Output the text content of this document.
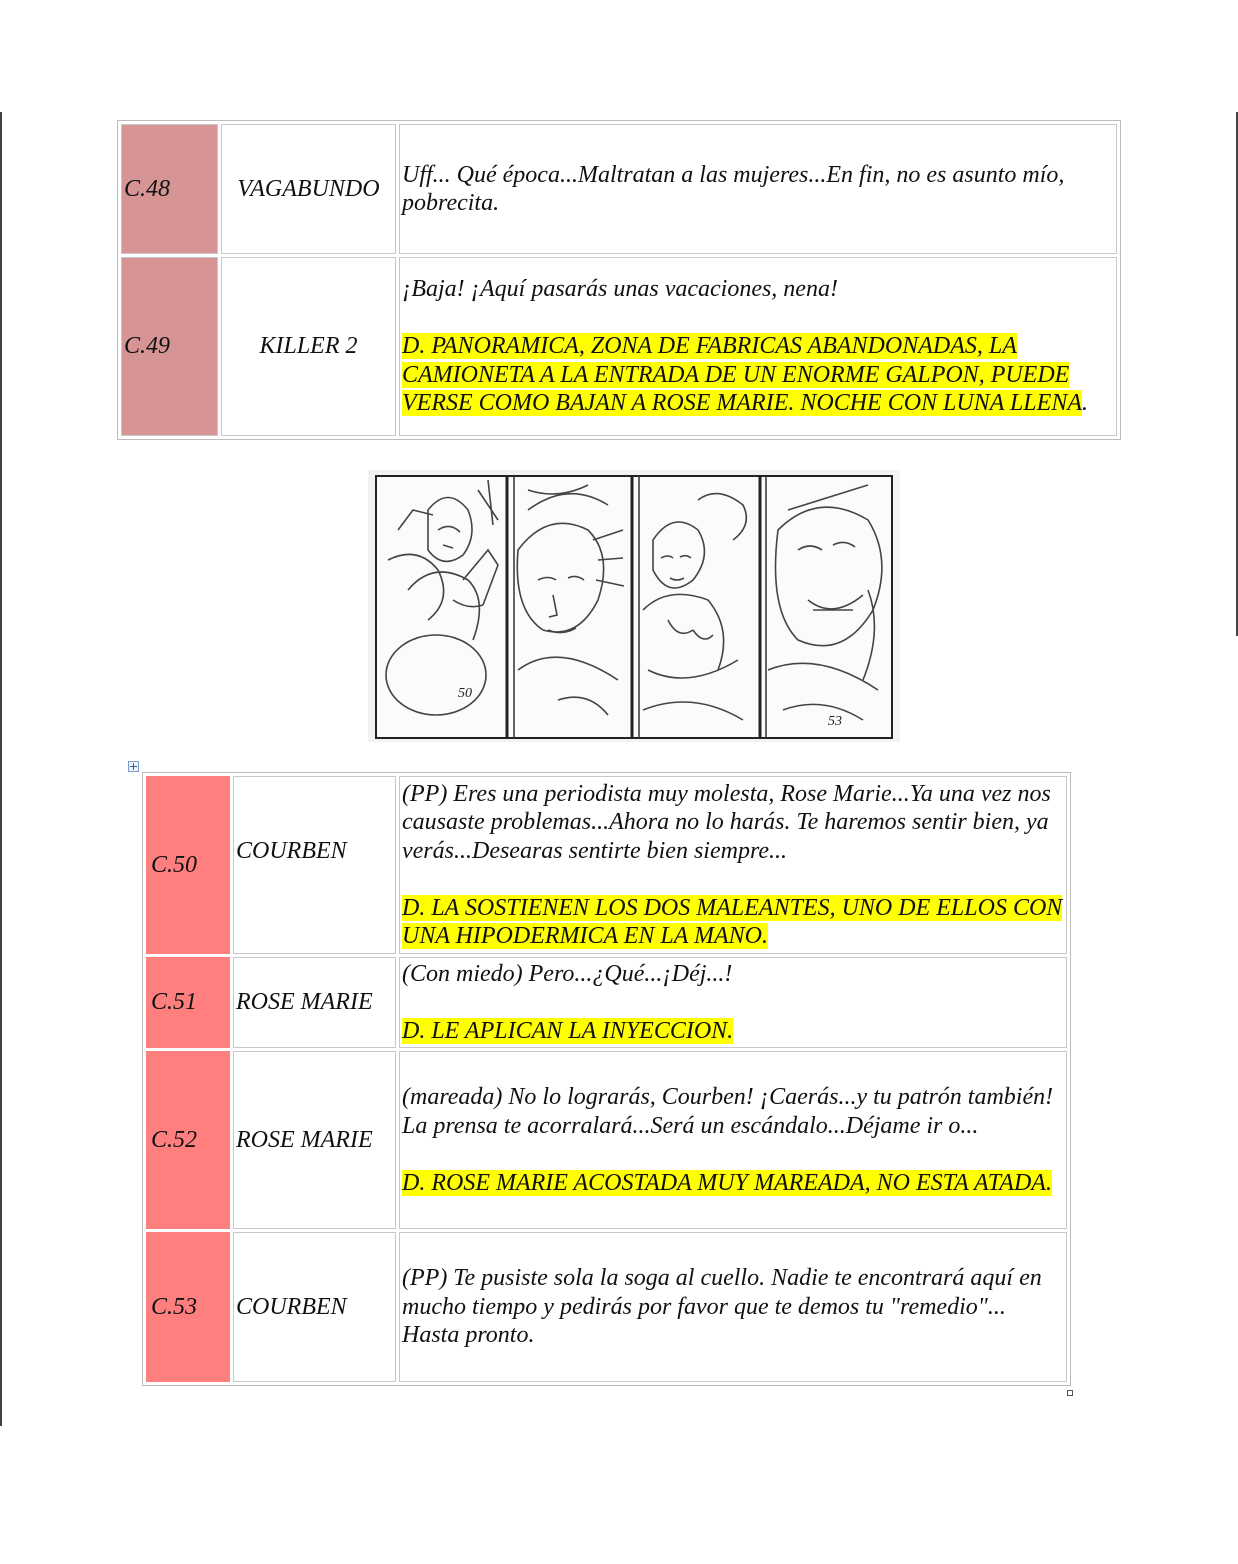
C.48	VAGABUNDO	Uff... Qué época...Maltratan a las mujeres...En fin, no es asunto mío, pobrecita.

C.49	KILLER 2	¡Baja! ¡Aquí pasarás unas vacaciones, nena!

D. PANORAMICA, ZONA DE FABRICAS ABANDONADAS, LA CAMIONETA A LA ENTRADA DE UN ENORME GALPON, PUEDE VERSE COMO BAJAN A ROSE MARIE. NOCHE CON LUNA LLENA.

50
53
C.50	COURBEN	(PP) Eres una periodista muy molesta, Rose Marie...Ya una vez nos causaste problemas...Ahora no lo harás. Te haremos sentir bien, ya verás...Desearas sentirte bien siempre...

D. LA SOSTIENEN LOS DOS MALEANTES, UNO DE ELLOS CON UNA HIPODERMICA EN LA MANO.

C.51	ROSE MARIE	(Con miedo) Pero...¿Qué...¡Déj...!

D. LE APLICAN LA INYECCION.

C.52	ROSE MARIE	(mareada) No lo lograrás, Courben! ¡Caerás...y tu patrón también! La prensa te acorralará...Será un escándalo...Déjame ir o...

D. ROSE MARIE ACOSTADA MUY MAREADA, NO ESTA ATADA.

C.53	COURBEN	(PP) Te pusiste sola la soga al cuello. Nadie te encontrará aquí en mucho tiempo y pedirás por favor que te demos tu "remedio"... Hasta pronto.
